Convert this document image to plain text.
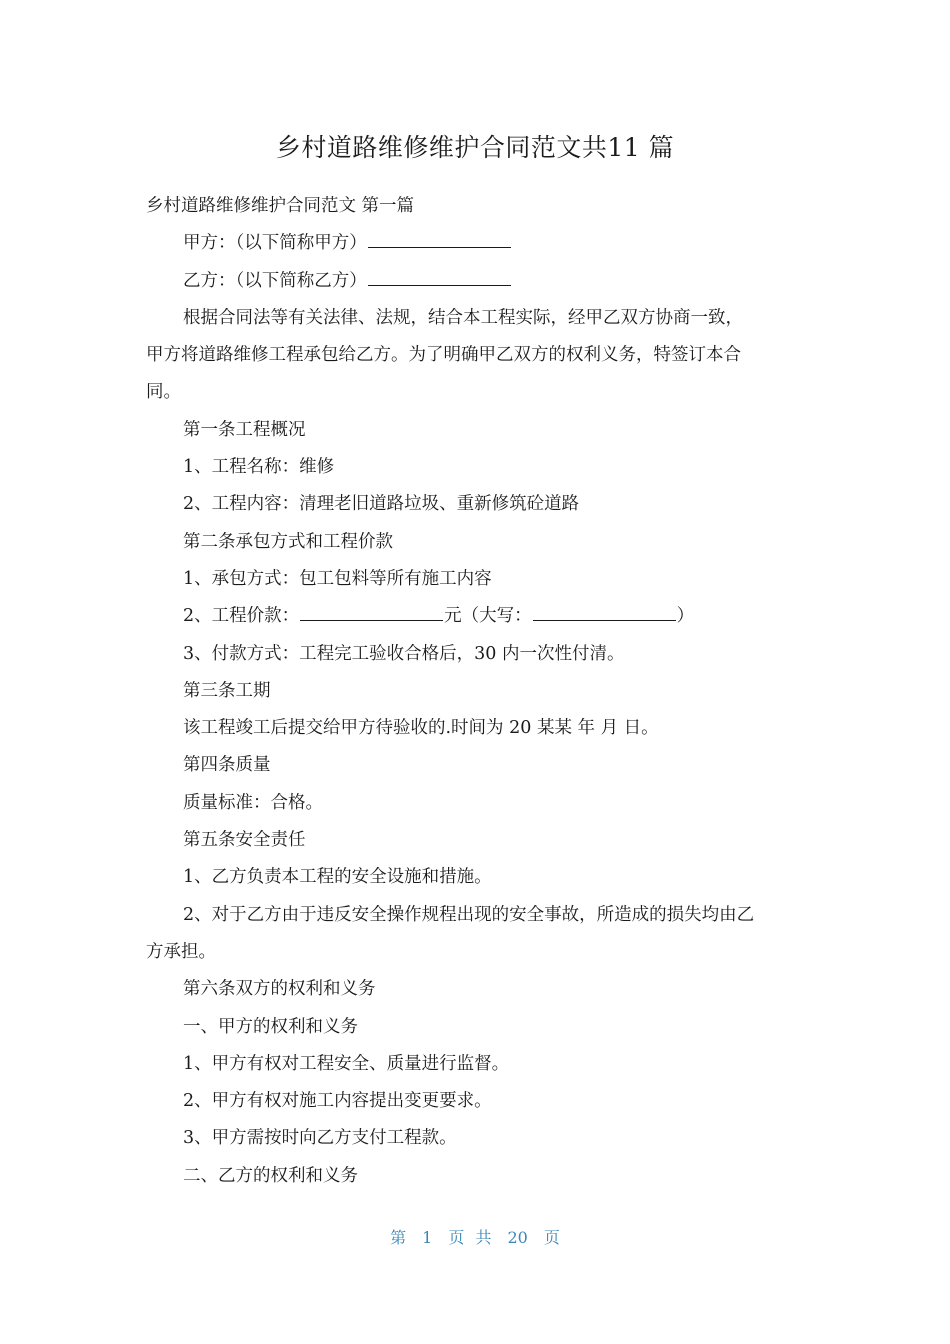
乡村道路维修维护合同范文共11 篇
乡村道路维修维护合同范文 第一篇
甲方：（以下简称甲方）
乙方：（以下简称乙方）
根据合同法等有关法律、法规，结合本工程实际，经甲乙双方协商一致，
甲方将道路维修工程承包给乙方。为了明确甲乙双方的权利义务，特签订本合
同。
第一条工程概况
1、工程名称：维修
2、工程内容：清理老旧道路垃圾、重新修筑砼道路
第二条承包方式和工程价款
1、承包方式：包工包料等所有施工内容
2、工程价款：	元（大写：	）
3、付款方式：工程完工验收合格后，30 内一次性付清。
第三条工期
该工程竣工后提交给甲方待验收的.时间为 20 某某 年 月 日。
第四条质量
质量标准：合格。
第五条安全责任
1、乙方负责本工程的安全设施和措施。
2、对于乙方由于违反安全操作规程出现的安全事故，所造成的损失均由乙
方承担。
第六条双方的权利和义务
一、甲方的权利和义务
1、甲方有权对工程安全、质量进行监督。
2、甲方有权对施工内容提出变更要求。
3、甲方需按时向乙方支付工程款。
二、乙方的权利和义务
第 1 页 共 20 页
